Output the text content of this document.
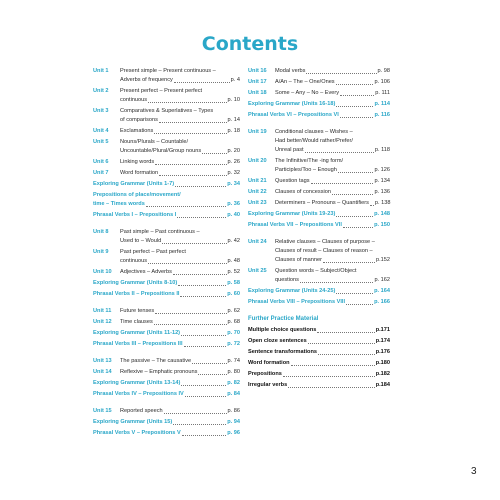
Contents
Unit 1	Present simple – Present continuous –
Adverbs of frequency	p. 4
Unit 2	Present perfect – Present perfect
continuous	p. 10
Unit 3	Comparatives & Superlatives – Types
of comparisons	p. 14
Unit 4	Exclamations	p. 18
Unit 5	Nouns/Plurals – Countable/
Uncountable/Plural/Group nouns	p. 20
Unit 6	Linking words	p. 26
Unit 7	Word formation	p. 32
Exploring Grammar (Units 1-7)	p. 34
Prepositions of place/movement/
time – Times words	p. 36
Phrasal Verbs I – Prepositions I	p. 40
Unit 8	Past simple – Past continuous –
Used to – Would	p. 42
Unit 9	Past perfect – Past perfect
continuous	p. 48
Unit 10	Adjectives – Adverbs	p. 52
Exploring Grammar (Units 8-10)	p. 58
Phrasal Verbs II – Prepositions II	p. 60
Unit 11	Future tenses	p. 62
Unit 12	Time clauses	p. 68
Exploring Grammar (Units 11-12)	p. 70
Phrasal Verbs III – Prepositions III	p. 72
Unit 13	The passive – The causative	p. 74
Unit 14	Reflexive – Emphatic pronouns	p. 80
Exploring Grammar (Units 13-14)	p. 82
Phrasal Verbs IV – Prepositions IV	p. 84
Unit 15	Reported speech	p. 86
Exploring Grammar (Units 15)	p. 94
Phrasal Verbs V – Prepositions V	p. 96
Unit 16	Modal verbs	p. 98
Unit 17	A/An – The – One/Ones	p. 106
Unit 18	Some – Any – No – Every	p. 111
Exploring Grammar (Units 16-18)	p. 114
Phrasal Verbs VI – Prepositions VI	p. 116
Unit 19	Conditional clauses – Wishes –
Had better/Would rather/Prefer/
Unreal past	p. 118
Unit 20	The Infinitive/The -ing form/
Participles/Too – Enough	p. 126
Unit 21	Question tags	p. 134
Unit 22	Clauses of concession	p. 136
Unit 23	Determiners – Pronouns – Quantifiers p. 138
Exploring Grammar (Units 19-23)	p. 148
Phrasal Verbs VII – Prepositions VII	p. 150
Unit 24	Relative clauses – Clauses of purpose –
Clauses of result – Clauses of reason –
Clauses of manner	p.152
Unit 25	Question words – Subject/Object
questions	p. 162
Exploring Grammar (Units 24-25)	p. 164
Phrasal Verbs VIII – Prepositions VIII	p. 166
Further Practice Material
Multiple choice questions	p.171
Open cloze sentences	p.174
Sentence transformations	p.176
Word formation	p.180
Prepositions	p.182
Irregular verbs	p.184
3
